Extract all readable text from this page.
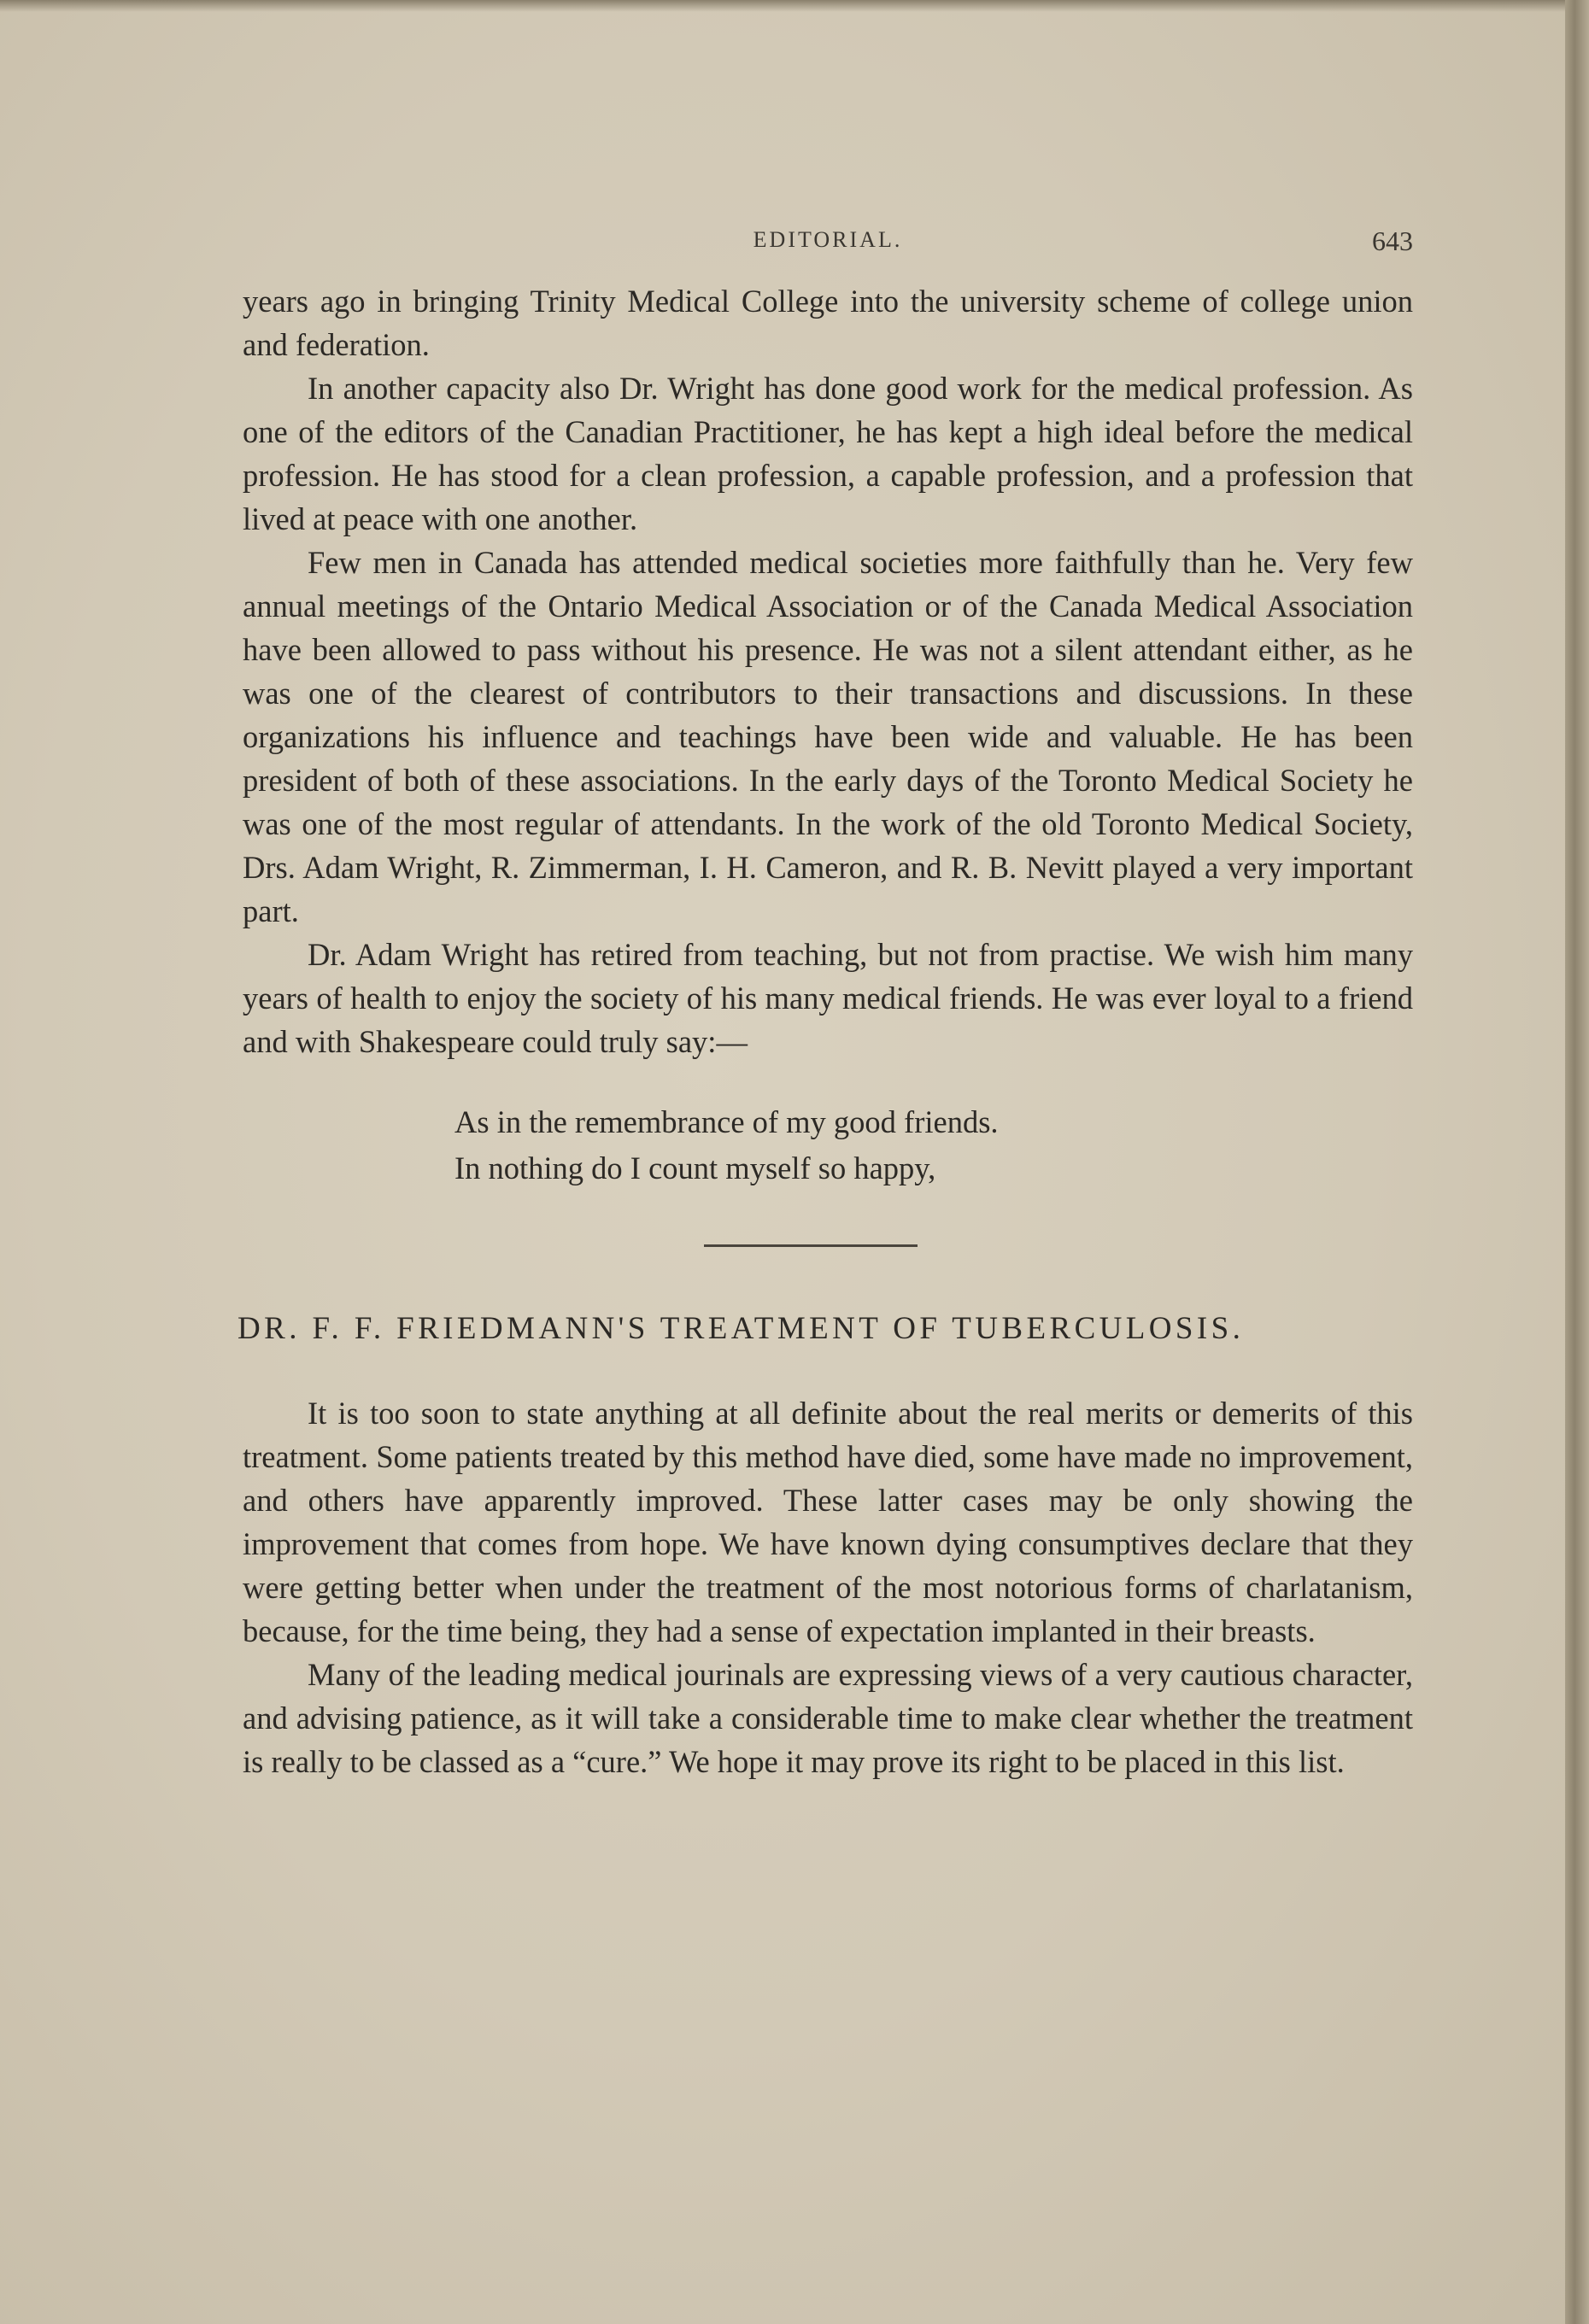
EDITORIAL.	643

years ago in bringing Trinity Medical College into the university scheme of college union and federation.

In another capacity also Dr. Wright has done good work for the medical profession. As one of the editors of the Canadian Practitioner, he has kept a high ideal before the medical profession. He has stood for a clean profession, a capable profession, and a profession that lived at peace with one another.

Few men in Canada has attended medical societies more faithfully than he. Very few annual meetings of the Ontario Medical Association or of the Canada Medical Association have been allowed to pass without his presence. He was not a silent attendant either, as he was one of the clearest of contributors to their transactions and discussions. In these organizations his influence and teachings have been wide and valuable. He has been president of both of these associations. In the early days of the Toronto Medical Society he was one of the most regular of attendants. In the work of the old Toronto Medical Society, Drs. Adam Wright, R. Zimmerman, I. H. Cameron, and R. B. Nevitt played a very important part.

Dr. Adam Wright has retired from teaching, but not from practise. We wish him many years of health to enjoy the society of his many medical friends. He was ever loyal to a friend and with Shakespeare could truly say:—

As in the remembrance of my good friends.
In nothing do I count myself so happy,
DR. F. F. FRIEDMANN'S TREATMENT OF TUBERCULOSIS.

It is too soon to state anything at all definite about the real merits or demerits of this treatment. Some patients treated by this method have died, some have made no improvement, and others have apparently improved. These latter cases may be only showing the improvement that comes from hope. We have known dying consumptives declare that they were getting better when under the treatment of the most notorious forms of charlatanism, because, for the time being, they had a sense of expectation implanted in their breasts.

Many of the leading medical jourinals are expressing views of a very cautious character, and advising patience, as it will take a considerable time to make clear whether the treatment is really to be classed as a “cure.” We hope it may prove its right to be placed in this list.
